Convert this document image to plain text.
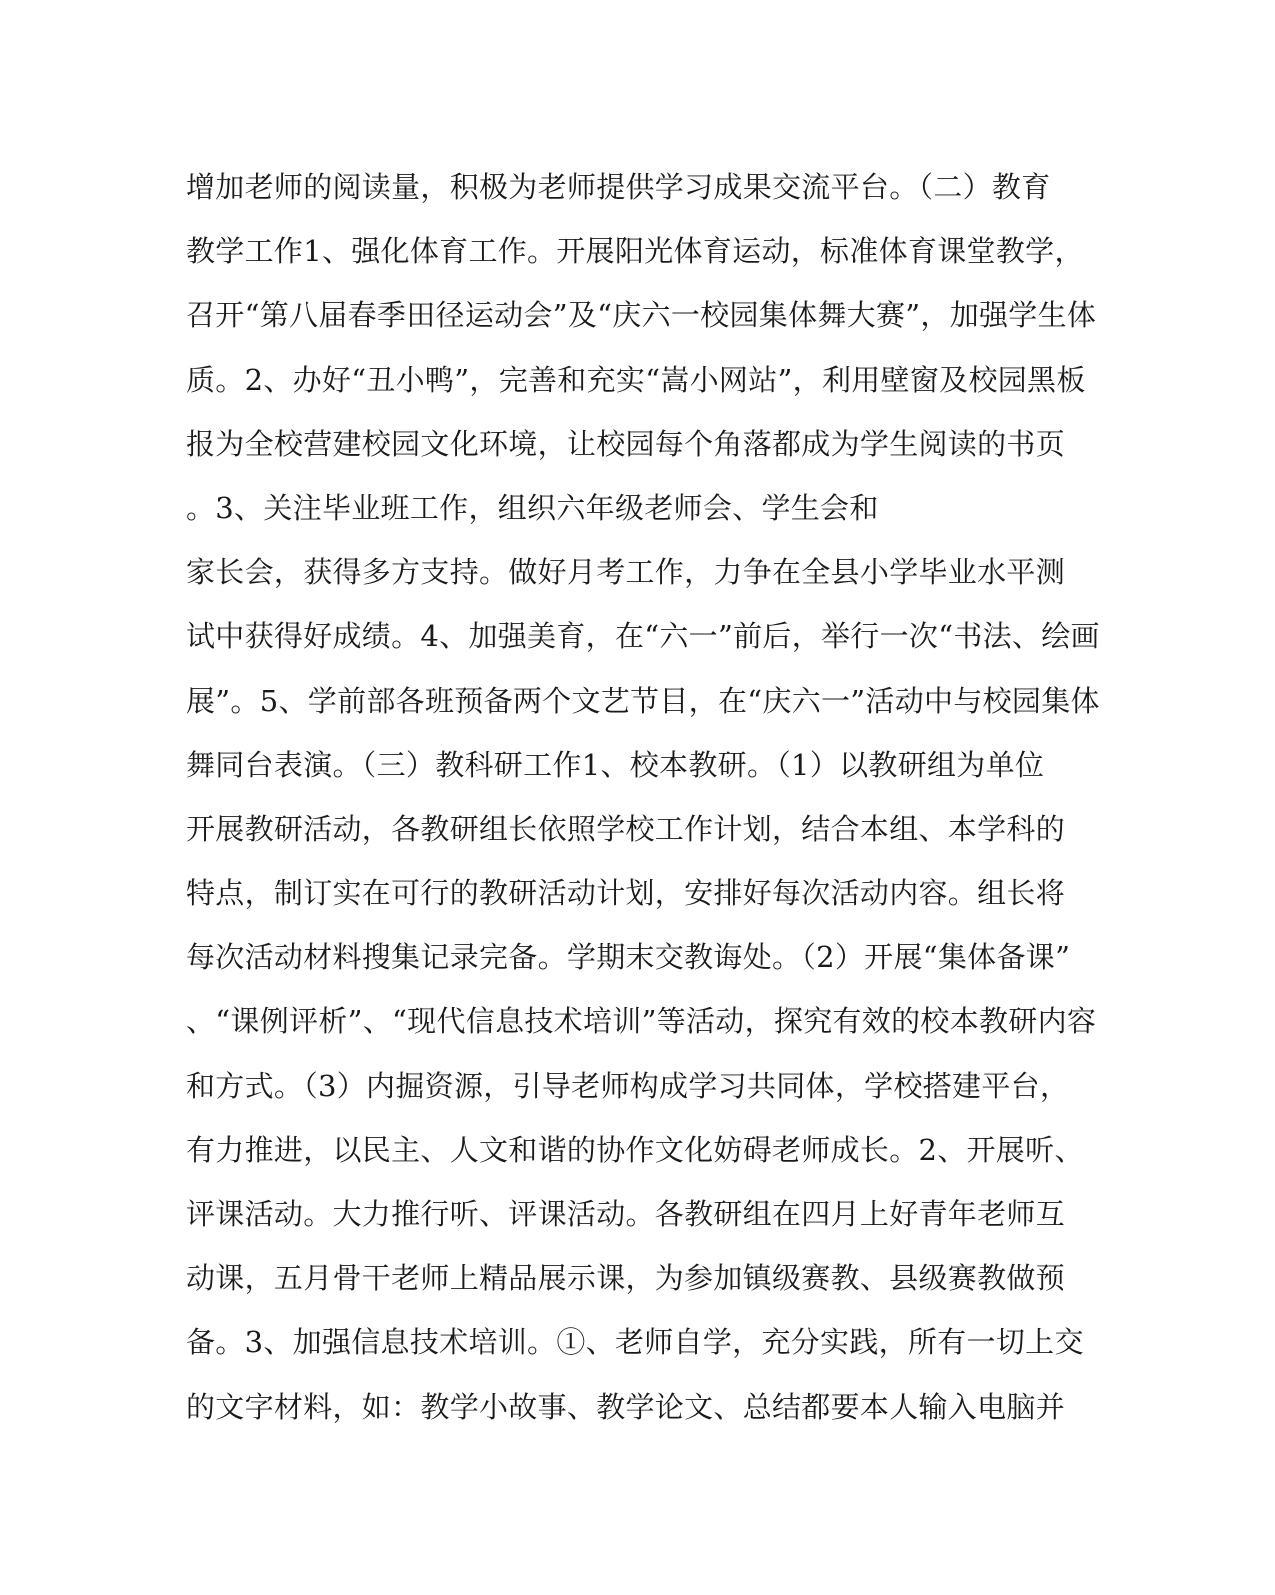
增加老师的阅读量，积极为老师提供学习成果交流平台。（二）教育
教学工作1、强化体育工作。开展阳光体育运动，标准体育课堂教学，
召开“第八届春季田径运动会”及“庆六一校园集体舞大赛”，加强学生体
质。2、办好“丑小鸭”，完善和充实“嵩小网站”，利用壁窗及校园黑板
报为全校营建校园文化环境，让校园每个角落都成为学生阅读的书页
。3、关注毕业班工作，组织六年级老师会、学生会和
家长会，获得多方支持。做好月考工作，力争在全县小学毕业水平测
试中获得好成绩。4、加强美育，在“六一”前后，举行一次“书法、绘画
展”。5、学前部各班预备两个文艺节目，在“庆六一”活动中与校园集体
舞同台表演。（三）教科研工作1、校本教研。（1）以教研组为单位
开展教研活动，各教研组长依照学校工作计划，结合本组、本学科的
特点，制订实在可行的教研活动计划，安排好每次活动内容。组长将
每次活动材料搜集记录完备。学期末交教诲处。（2）开展“集体备课”
、“课例评析”、“现代信息技术培训”等活动，探究有效的校本教研内容
和方式。（3）内掘资源，引导老师构成学习共同体，学校搭建平台，
有力推进，以民主、人文和谐的协作文化妨碍老师成长。2、开展听、
评课活动。大力推行听、评课活动。各教研组在四月上好青年老师互
动课，五月骨干老师上精品展示课，为参加镇级赛教、县级赛教做预
备。3、加强信息技术培训。①、老师自学，充分实践，所有一切上交
的文字材料，如：教学小故事、教学论文、总结都要本人输入电脑并
